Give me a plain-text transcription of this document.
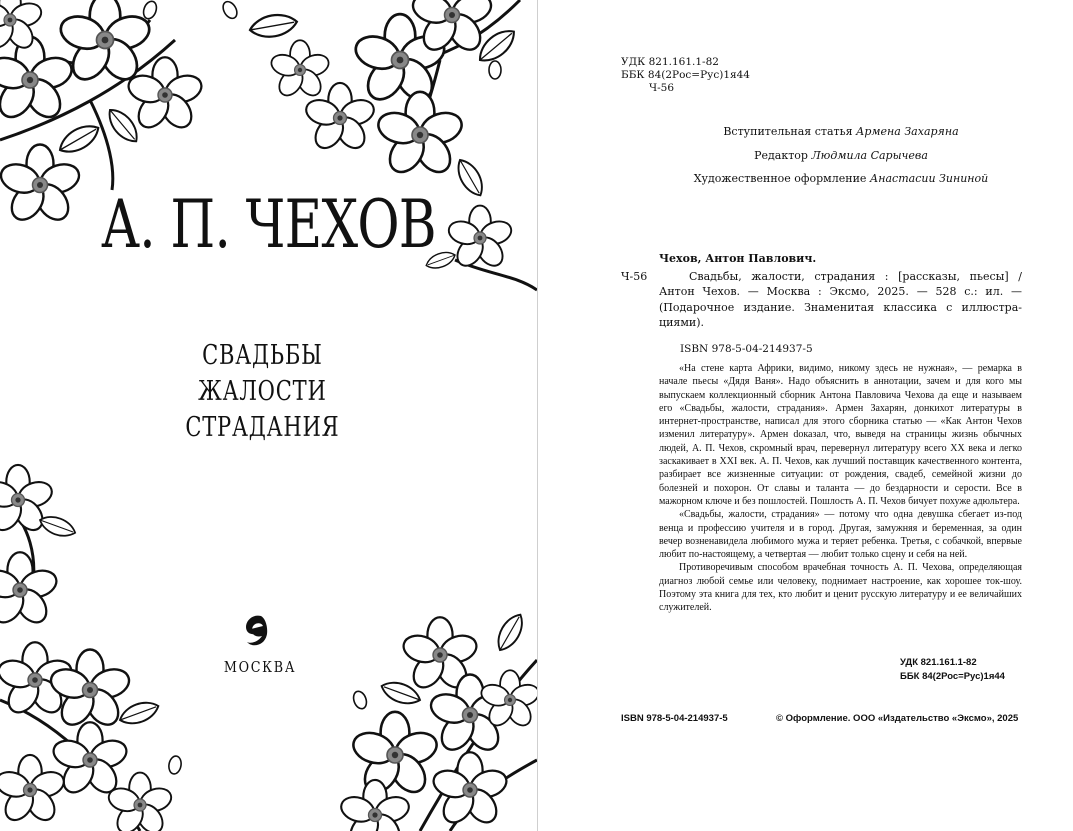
А. П. ЧЕХОВ
СВАДЬБЫ
ЖАЛОСТИ
СТРАДАНИЯ
МОСКВА
УДК 821.161.1-82
ББК 84(2Рос=Рус)1я44
Ч-56
Вступительная статья Армена Захаряна
Редактор Людмила Сарычева
Художественное оформление Анастасии Зининой
Чехов, Антон Павлович.
Ч-56	Свадьбы, жалости, страдания : [рассказы, пьесы] / Антон Чехов. — Москва : Эксмо, 2025. — 528 с.: ил. — (Подарочное издание. Знаменитая классика с иллюстра-циями).
ISBN 978-5-04-214937-5

«На стене карта Африки, видимо, никому здесь не нужная», — ремарка в начале пьесы «Дядя Ваня». Надо объяснить в аннотации, зачем и для кого мы выпускаем коллекционный сборник Антона Павловича Чехова да еще и называем его «Свадьбы, жалости, страдания». Армен Захарян, донкихот литературы в интернет-пространстве, написал для этого сборника статью — «Как Антон Чехов изменил литературу». Армен doказал, что, выведя на страницы жизнь обычных людей, А. П. Чехов, скромный врач, перевернул литературу всего XX века и легко заскакивает в XXI век. А. П. Чехов, как лучший поставщик качественного контента, разбирает все жизненные ситуации: от рождения, свадеб, семейной жизни до болезней и похорон. От славы и таланта — до бездарности и серости. Все в мажорном ключе и без пошлостей. Пошлость А. П. Чехов бичует похуже адюльтера.

«Свадьбы, жалости, страдания» — потому что одна девушка сбегает из-под венца и профессию учителя и в город. Другая, замужняя и беременная, за один вечер возненавидела любимого мужа и теряет ребенка. Третья, с собачкой, впервые любит по-настоящему, а четвертая — любит только сцену и себя на ней.

Противоречивым способом врачебная точность А. П. Чехова, определяющая диагноз любой семье или человеку, поднимает настроение, как хорошее ток-шоу. Поэтому эта книга для тех, кто любит и ценит русскую литературу и ее величайших служителей.

УДК 821.161.1-82
ББК 84(2Рос=Рус)1я44
ISBN 978-5-04-214937-5	© Оформление. ООО «Издательство «Эксмо», 2025
